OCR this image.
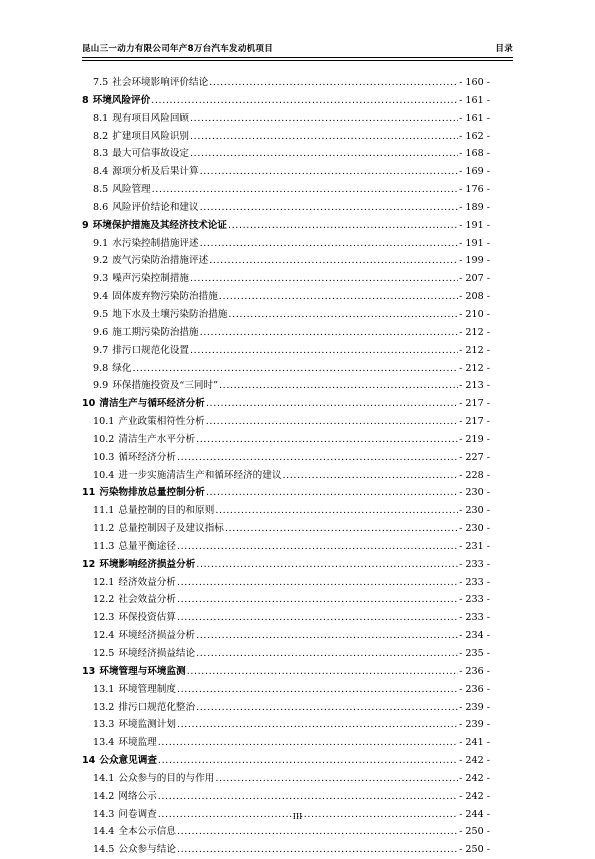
昆山三一动力有限公司年产8万台汽车发动机项目	目录
7.5 社会环境影响评价结论 .....	- 160 -
8 环境风险评价 .....	- 161 -
8.1 现有项目风险回顾 .....	- 161 -
8.2 扩建项目风险识别 .....	- 162 -
8.3 最大可信事故设定 .....	- 168 -
8.4 源项分析及后果计算 .....	- 169 -
8.5 风险管理 .....	- 176 -
8.6 风险评价结论和建议 .....	- 189 -
9 环境保护措施及其经济技术论证 .....	- 191 -
9.1 水污染控制措施评述 .....	- 191 -
9.2 废气污染防治措施评述 .....	- 199 -
9.3 噪声污染控制措施 .....	- 207 -
9.4 固体废弃物污染防治措施 .....	- 208 -
9.5 地下水及土壤污染防治措施 .....	- 210 -
9.6 施工期污染防治措施 .....	- 212 -
9.7 排污口规范化设置 .....	- 212 -
9.8 绿化 .....	- 212 -
9.9 环保措施投资及“三同时” .....	- 213 -
10 清洁生产与循环经济分析 .....	- 217 -
10.1 产业政策相符性分析 .....	- 217 -
10.2 清洁生产水平分析 .....	- 219 -
10.3 循环经济分析 .....	- 227 -
10.4 进一步实施清洁生产和循环经济的建议 .....	- 228 -
11 污染物排放总量控制分析 .....	- 230 -
11.1 总量控制的目的和原则 .....	- 230 -
11.2 总量控制因子及建议指标 .....	- 230 -
11.3 总量平衡途径 .....	- 231 -
12 环境影响经济损益分析 .....	- 233 -
12.1 经济效益分析 .....	- 233 -
12.2 社会效益分析 .....	- 233 -
12.3 环保投资估算 .....	- 233 -
12.4 环境经济损益分析 .....	- 234 -
12.5 环境经济损益结论 .....	- 235 -
13 环境管理与环境监测 .....	- 236 -
13.1 环境管理制度 .....	- 236 -
13.2 排污口规范化整治 .....	- 239 -
13.3 环境监测计划 .....	- 239 -
13.4 环境监理 .....	- 241 -
14 公众意见调查 .....	- 242 -
14.1 公众参与的目的与作用 .....	- 242 -
14.2 网络公示 .....	- 242 -
14.3 问卷调查 .....	- 244 -
14.4 全本公示信息 .....	- 250 -
14.5 公众参与结论 .....	- 250 -
III
